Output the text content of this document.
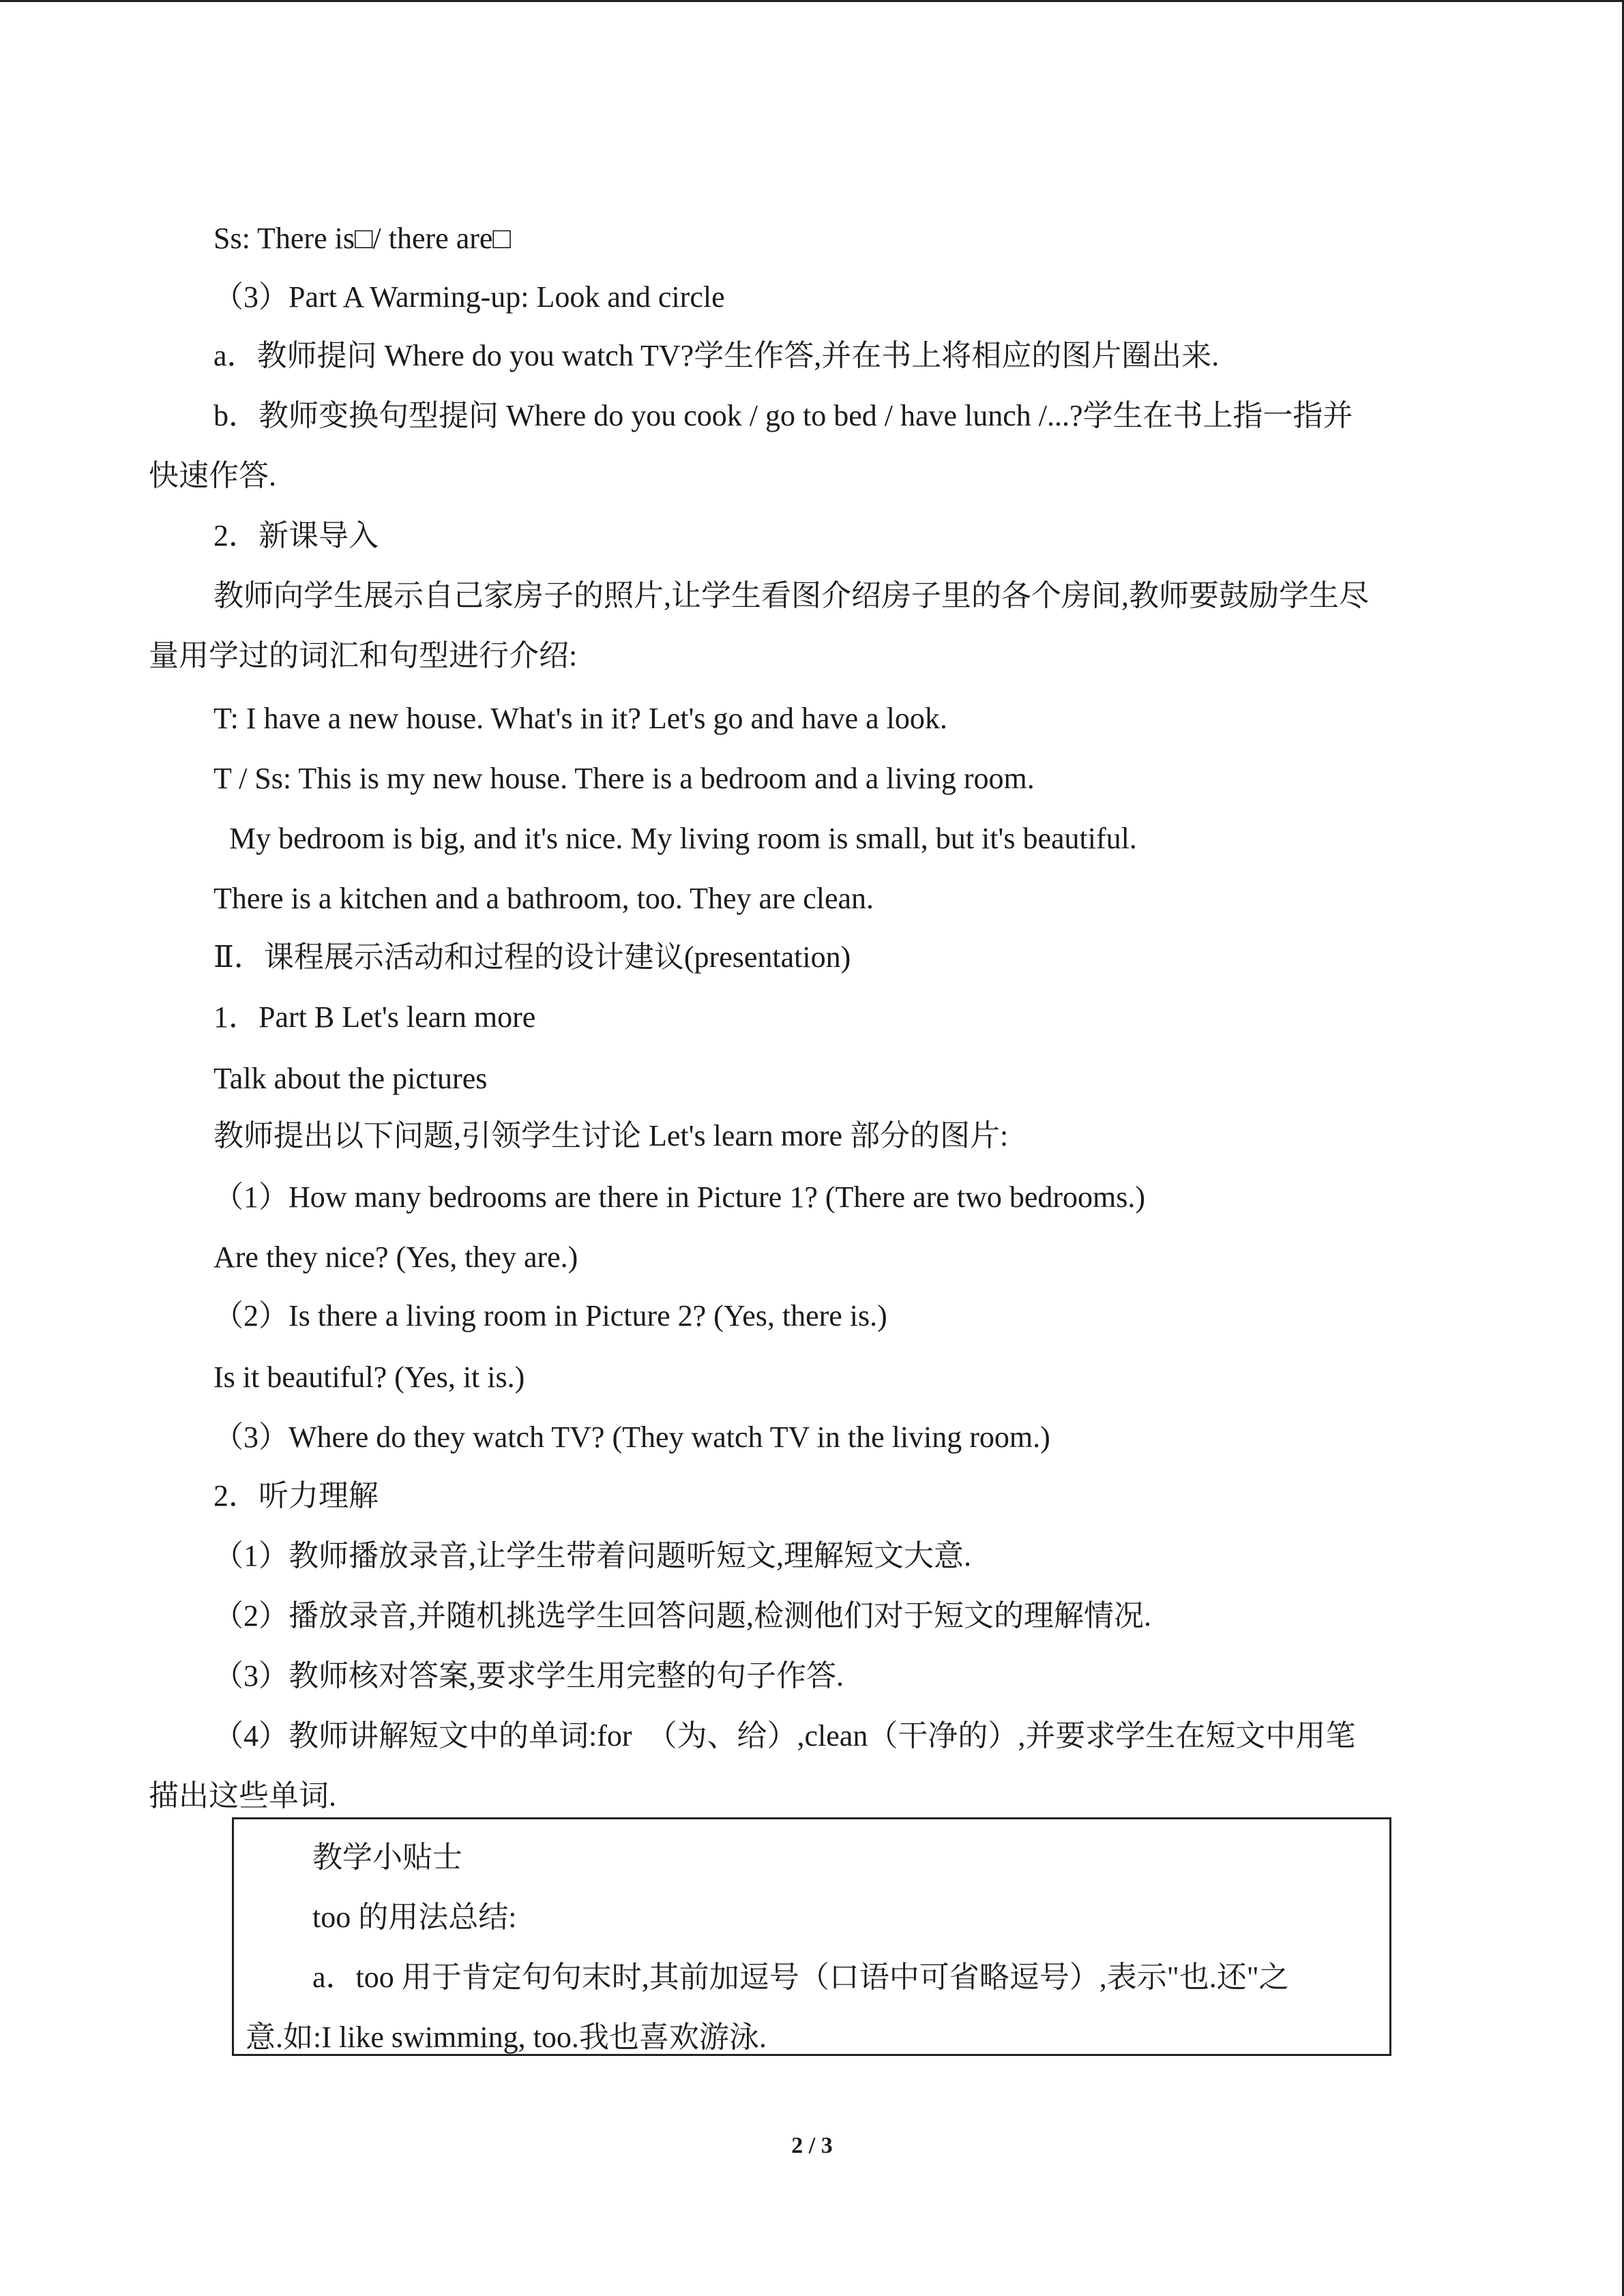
Ss: There is□/ there are□

（3）Part A Warming-up: Look and circle

a．教师提问 Where do you watch TV?学生作答,并在书上将相应的图片圈出来.

b．教师变换句型提问 Where do you cook / go to bed / have lunch /...?学生在书上指一指并

快速作答.

2．新课导入

教师向学生展示自己家房子的照片,让学生看图介绍房子里的各个房间,教师要鼓励学生尽

量用学过的词汇和句型进行介绍:

T: I have a new house. What's in it? Let's go and have a look.

T / Ss: This is my new house. There is a bedroom and a living room.

My bedroom is big, and it's nice. My living room is small, but it's beautiful.

There is a kitchen and a bathroom, too. They are clean.

Ⅱ．课程展示活动和过程的设计建议(presentation)

1．Part B Let's learn more

Talk about the pictures

教师提出以下问题,引领学生讨论 Let's learn more 部分的图片:

（1）How many bedrooms are there in Picture 1? (There are two bedrooms.)

Are they nice? (Yes, they are.)

（2）Is there a living room in Picture 2? (Yes, there is.)

Is it beautiful? (Yes, it is.)

（3）Where do they watch TV? (They watch TV in the living room.)

2．听力理解

（1）教师播放录音,让学生带着问题听短文,理解短文大意.

（2）播放录音,并随机挑选学生回答问题,检测他们对于短文的理解情况.

（3）教师核对答案,要求学生用完整的句子作答.

（4）教师讲解短文中的单词:for　（为、给）,clean（干净的）,并要求学生在短文中用笔

描出这些单词.

教学小贴士

too 的用法总结:

a．too 用于肯定句句末时,其前加逗号（口语中可省略逗号）,表示"也.还"之

意.如:I like swimming, too.我也喜欢游泳.

2 / 3
